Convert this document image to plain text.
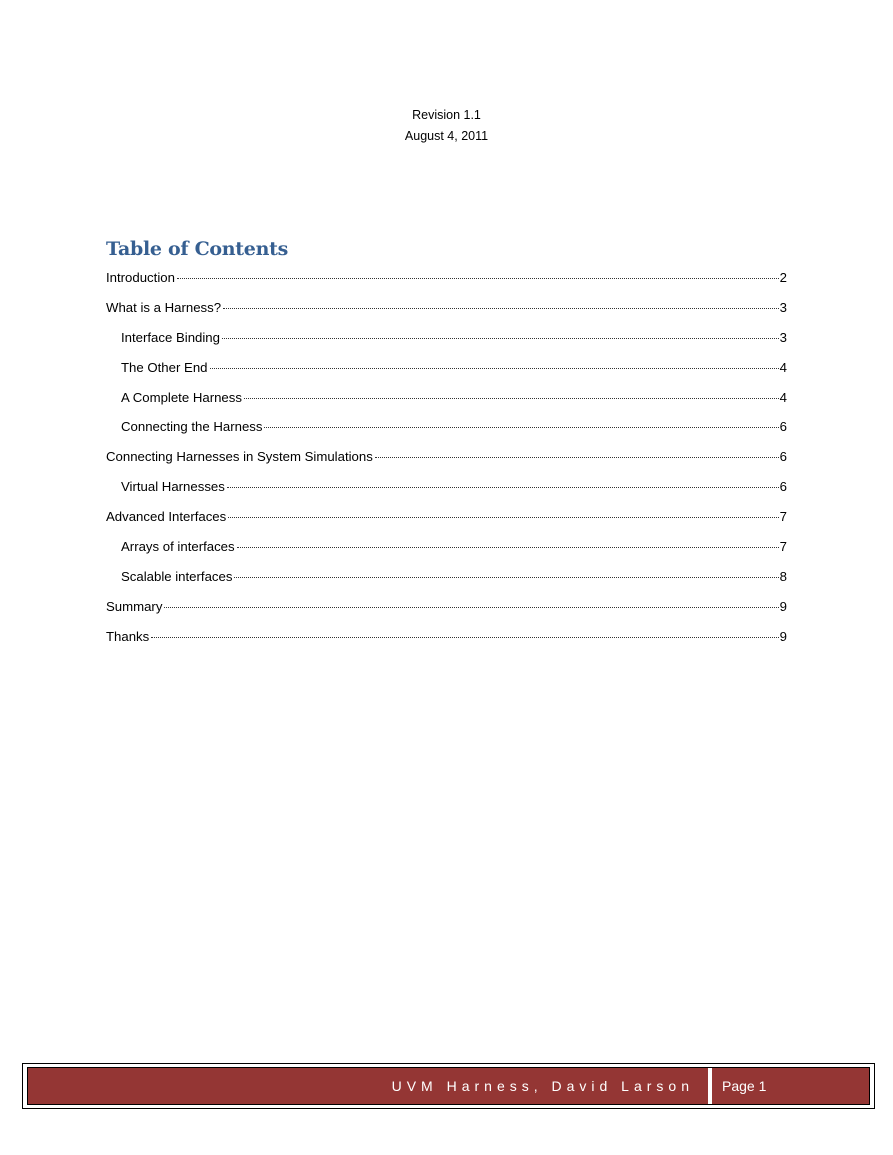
Revision 1.1
August 4, 2011
Table of Contents
Introduction	2
What is a Harness?	3
Interface Binding	3
The Other End	4
A Complete Harness	4
Connecting the Harness	6
Connecting Harnesses in System Simulations	6
Virtual Harnesses	6
Advanced Interfaces	7
Arrays of interfaces	7
Scalable interfaces	8
Summary	9
Thanks	9
UVM Harness, David Larson	Page 1
